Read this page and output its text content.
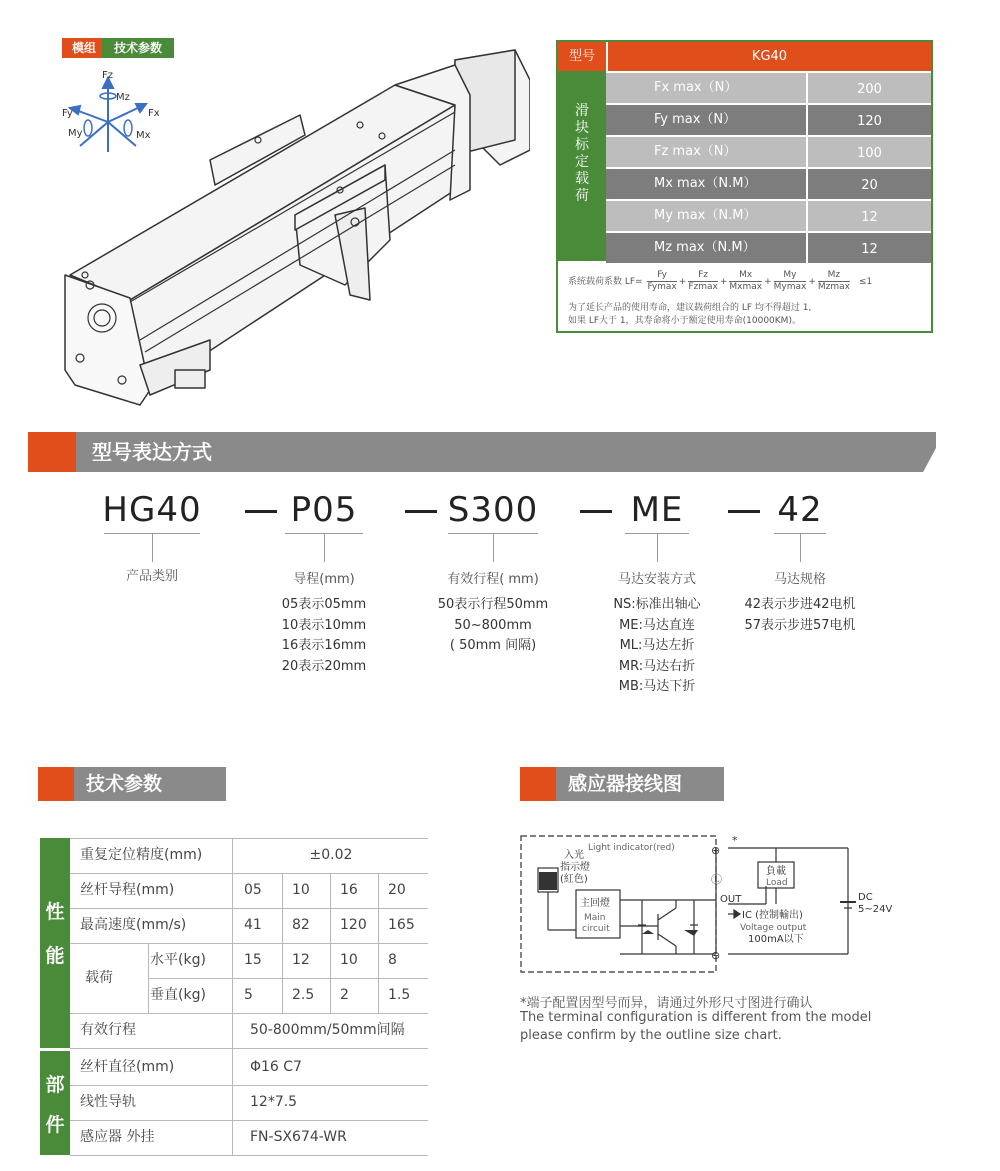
模组	技术参数
Fz
Mz
Fy	Fx
My	Mx
型号	KG40
滑块标定载荷
Fx max（N）	200
Fy max（N）	120
Fz max（N）	100
Mx max（N.M）	20
My max（N.M）	12
Mz max（N.M）	12
系统载荷系数 $LF= \frac{Fy}{Fymax} + \frac{Fz}{Fzmax} + \frac{Mx}{Mxmax} + \frac{My}{Mymax} + \frac{Mz}{Mzmax} \le 1$
为了延长产品的使用寿命，建议载荷组合的 LF 均不得超过 1,
如果 LF大于 1，其寿命将小于额定使用寿命(10000KM)。
型号表达方式
HG40
产品类别
P05
导程(mm)
05表示05mm
10表示10mm
16表示16mm
20表示20mm
S300
有效行程( mm)
50表示行程50mm
50~800mm
( 50mm 间隔)
ME
马达安装方式
NS:标准出轴心
ME:马达直连
ML:马达左折
MR:马达右折
MB:马达下折
42
马达规格
42表示步进42电机
57表示步进57电机
技术参数
性能
部件
重复定位精度(mm)	±0.02
丝杆导程(mm)	05	10	16	20
最高速度(mm/s)	41	82	120	165
载荷
水平(kg)	15	12	10	8
垂直(kg)	5	2.5	2	1.5
有效行程	50-800mm/50mm间隔
丝杆直径(mm)	Φ16 C7
线性导轨	12*7.5
感应器 外挂	FN-SX674-WR
感应器接线图
Light indicator(red)
入光
指示燈
(紅色)
主回燈
Main
circuit
⊕
*
Ⓛ
⊖
負載
Load
OUT
IC (控制輸出)
Voltage output
100mA以下
DC
5~24V
*端子配置因型号而异，请通过外形尺寸图进行确认
The terminal configuration is different from the model
please confirm by the outline size chart.
